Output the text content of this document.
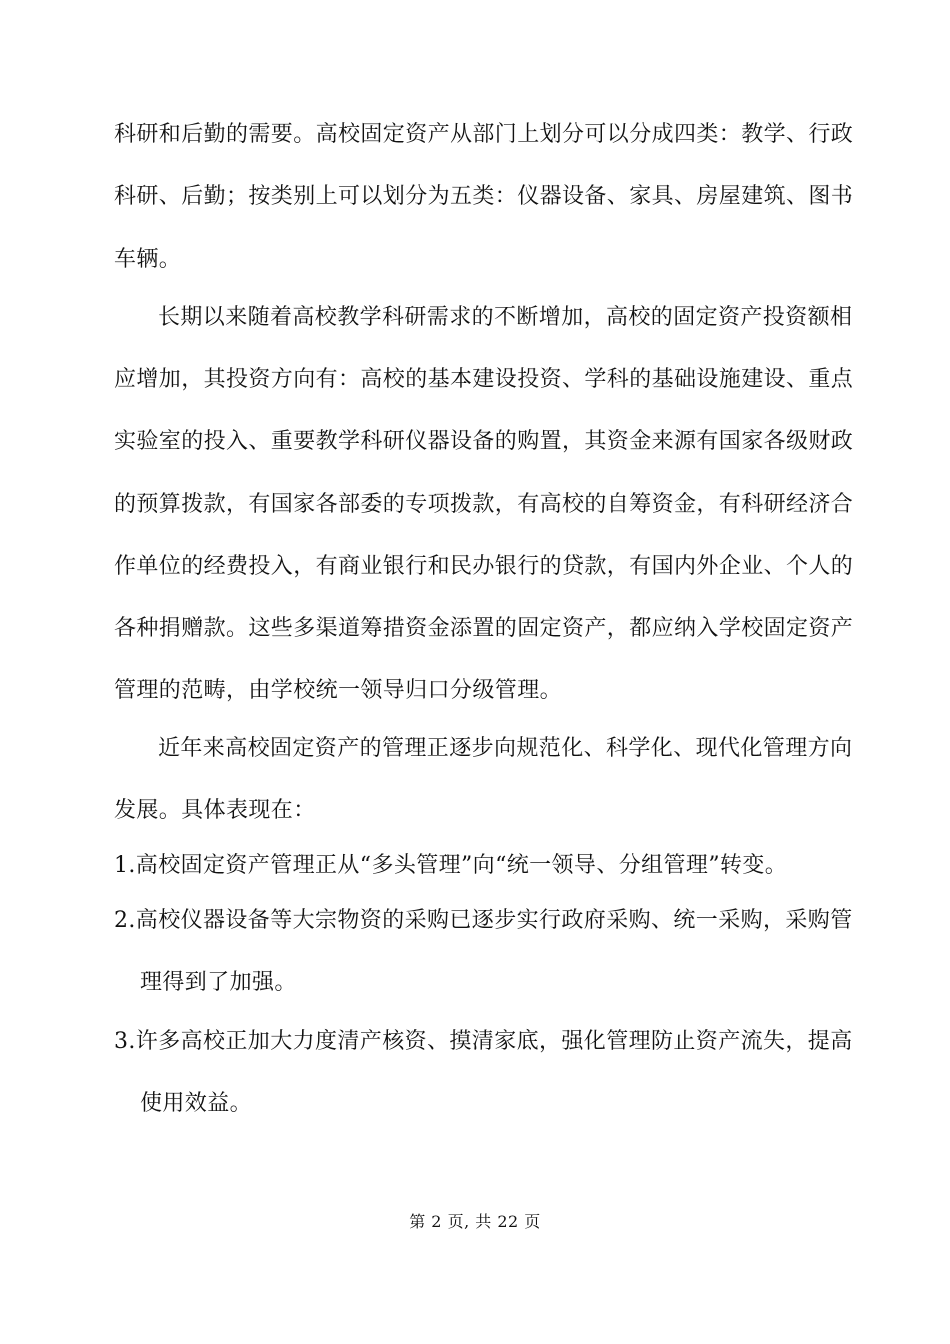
科研和后勤的需要。高校固定资产从部门上划分可以分成四类：教学、行政
科研、后勤；按类别上可以划分为五类：仪器设备、家具、房屋建筑、图书
车辆。
长期以来随着高校教学科研需求的不断增加，高校的固定资产投资额相
应增加，其投资方向有：高校的基本建设投资、学科的基础设施建设、重点
实验室的投入、重要教学科研仪器设备的购置，其资金来源有国家各级财政
的预算拨款，有国家各部委的专项拨款，有高校的自筹资金，有科研经济合
作单位的经费投入，有商业银行和民办银行的贷款，有国内外企业、个人的
各种捐赠款。这些多渠道筹措资金添置的固定资产，都应纳入学校固定资产
管理的范畴，由学校统一领导归口分级管理。
近年来高校固定资产的管理正逐步向规范化、科学化、现代化管理方向
发展。具体表现在：
1.高校固定资产管理正从“多头管理”向“统一领导、分组管理”转变。
2.高校仪器设备等大宗物资的采购已逐步实行政府采购、统一采购，采购管
理得到了加强。
3.许多高校正加大力度清产核资、摸清家底，强化管理防止资产流失，提高
使用效益。
第 2 页, 共 22 页
